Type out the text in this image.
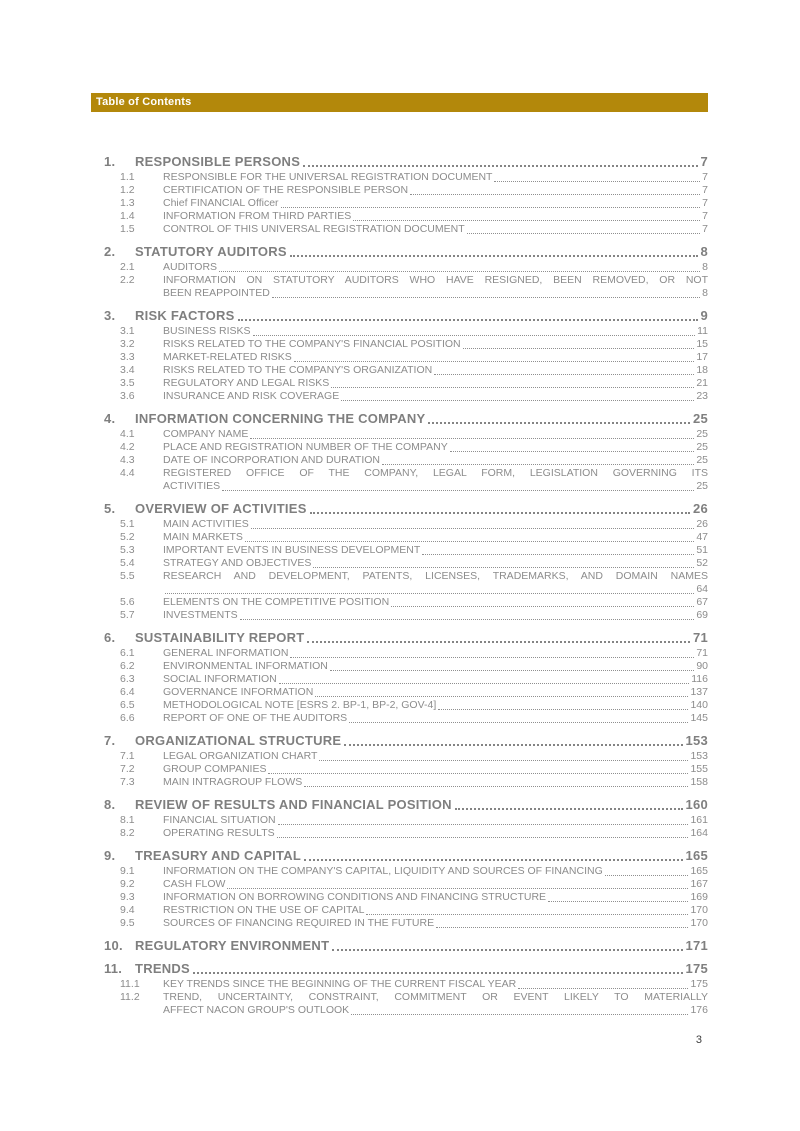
Table of Contents
1.	RESPONSIBLE PERSONS	7
1.1	RESPONSIBLE FOR THE UNIVERSAL REGISTRATION DOCUMENT	7
1.2	CERTIFICATION OF THE RESPONSIBLE PERSON	7
1.3	Chief FINANCIAL Officer	7
1.4	INFORMATION FROM THIRD PARTIES	7
1.5	CONTROL OF THIS UNIVERSAL REGISTRATION DOCUMENT	7
2.	STATUTORY AUDITORS	8
2.1	AUDITORS	8
2.2	INFORMATION ON STATUTORY AUDITORS WHO HAVE RESIGNED, BEEN REMOVED, OR NOT
BEEN REAPPOINTED	8
3.	RISK FACTORS	9
3.1	BUSINESS RISKS	11
3.2	RISKS RELATED TO THE COMPANY'S FINANCIAL POSITION	15
3.3	MARKET-RELATED RISKS	17
3.4	RISKS RELATED TO THE COMPANY'S ORGANIZATION	18
3.5	REGULATORY AND LEGAL RISKS	21
3.6	INSURANCE AND RISK COVERAGE	23
4.	INFORMATION CONCERNING THE COMPANY	25
4.1	COMPANY NAME	25
4.2	PLACE AND REGISTRATION NUMBER OF THE COMPANY	25
4.3	DATE OF INCORPORATION AND DURATION	25
4.4	REGISTERED OFFICE OF THE COMPANY, LEGAL FORM, LEGISLATION GOVERNING ITS
ACTIVITIES	25
5.	OVERVIEW OF ACTIVITIES	26
5.1	MAIN ACTIVITIES	26
5.2	MAIN MARKETS	47
5.3	IMPORTANT EVENTS IN BUSINESS DEVELOPMENT	51
5.4	STRATEGY AND OBJECTIVES	52
5.5	RESEARCH AND DEVELOPMENT, PATENTS, LICENSES, TRADEMARKS, AND DOMAIN NAMES
64
5.6	ELEMENTS ON THE COMPETITIVE POSITION	67
5.7	INVESTMENTS	69
6.	SUSTAINABILITY REPORT	71
6.1	GENERAL INFORMATION	71
6.2	ENVIRONMENTAL INFORMATION	90
6.3	SOCIAL INFORMATION	116
6.4	GOVERNANCE INFORMATION	137
6.5	METHODOLOGICAL NOTE [ESRS 2. BP-1, BP-2, GOV-4]	140
6.6	REPORT OF ONE OF THE AUDITORS	145
7.	ORGANIZATIONAL STRUCTURE	153
7.1	LEGAL ORGANIZATION CHART	153
7.2	GROUP COMPANIES	155
7.3	MAIN INTRAGROUP FLOWS	158
8.	REVIEW OF RESULTS AND FINANCIAL POSITION	160
8.1	FINANCIAL SITUATION	161
8.2	OPERATING RESULTS	164
9.	TREASURY AND CAPITAL	165
9.1	INFORMATION ON THE COMPANY'S CAPITAL, LIQUIDITY AND SOURCES OF FINANCING	165
9.2	CASH FLOW	167
9.3	INFORMATION ON BORROWING CONDITIONS AND FINANCING STRUCTURE	169
9.4	RESTRICTION ON THE USE OF CAPITAL	170
9.5	SOURCES OF FINANCING REQUIRED IN THE FUTURE	170
10. REGULATORY ENVIRONMENT	171
11. TRENDS	175
11.1	KEY TRENDS SINCE THE BEGINNING OF THE CURRENT FISCAL YEAR	175
11.2	TREND, UNCERTAINTY, CONSTRAINT, COMMITMENT OR EVENT LIKELY TO MATERIALLY
AFFECT NACON GROUP'S OUTLOOK	176
3
